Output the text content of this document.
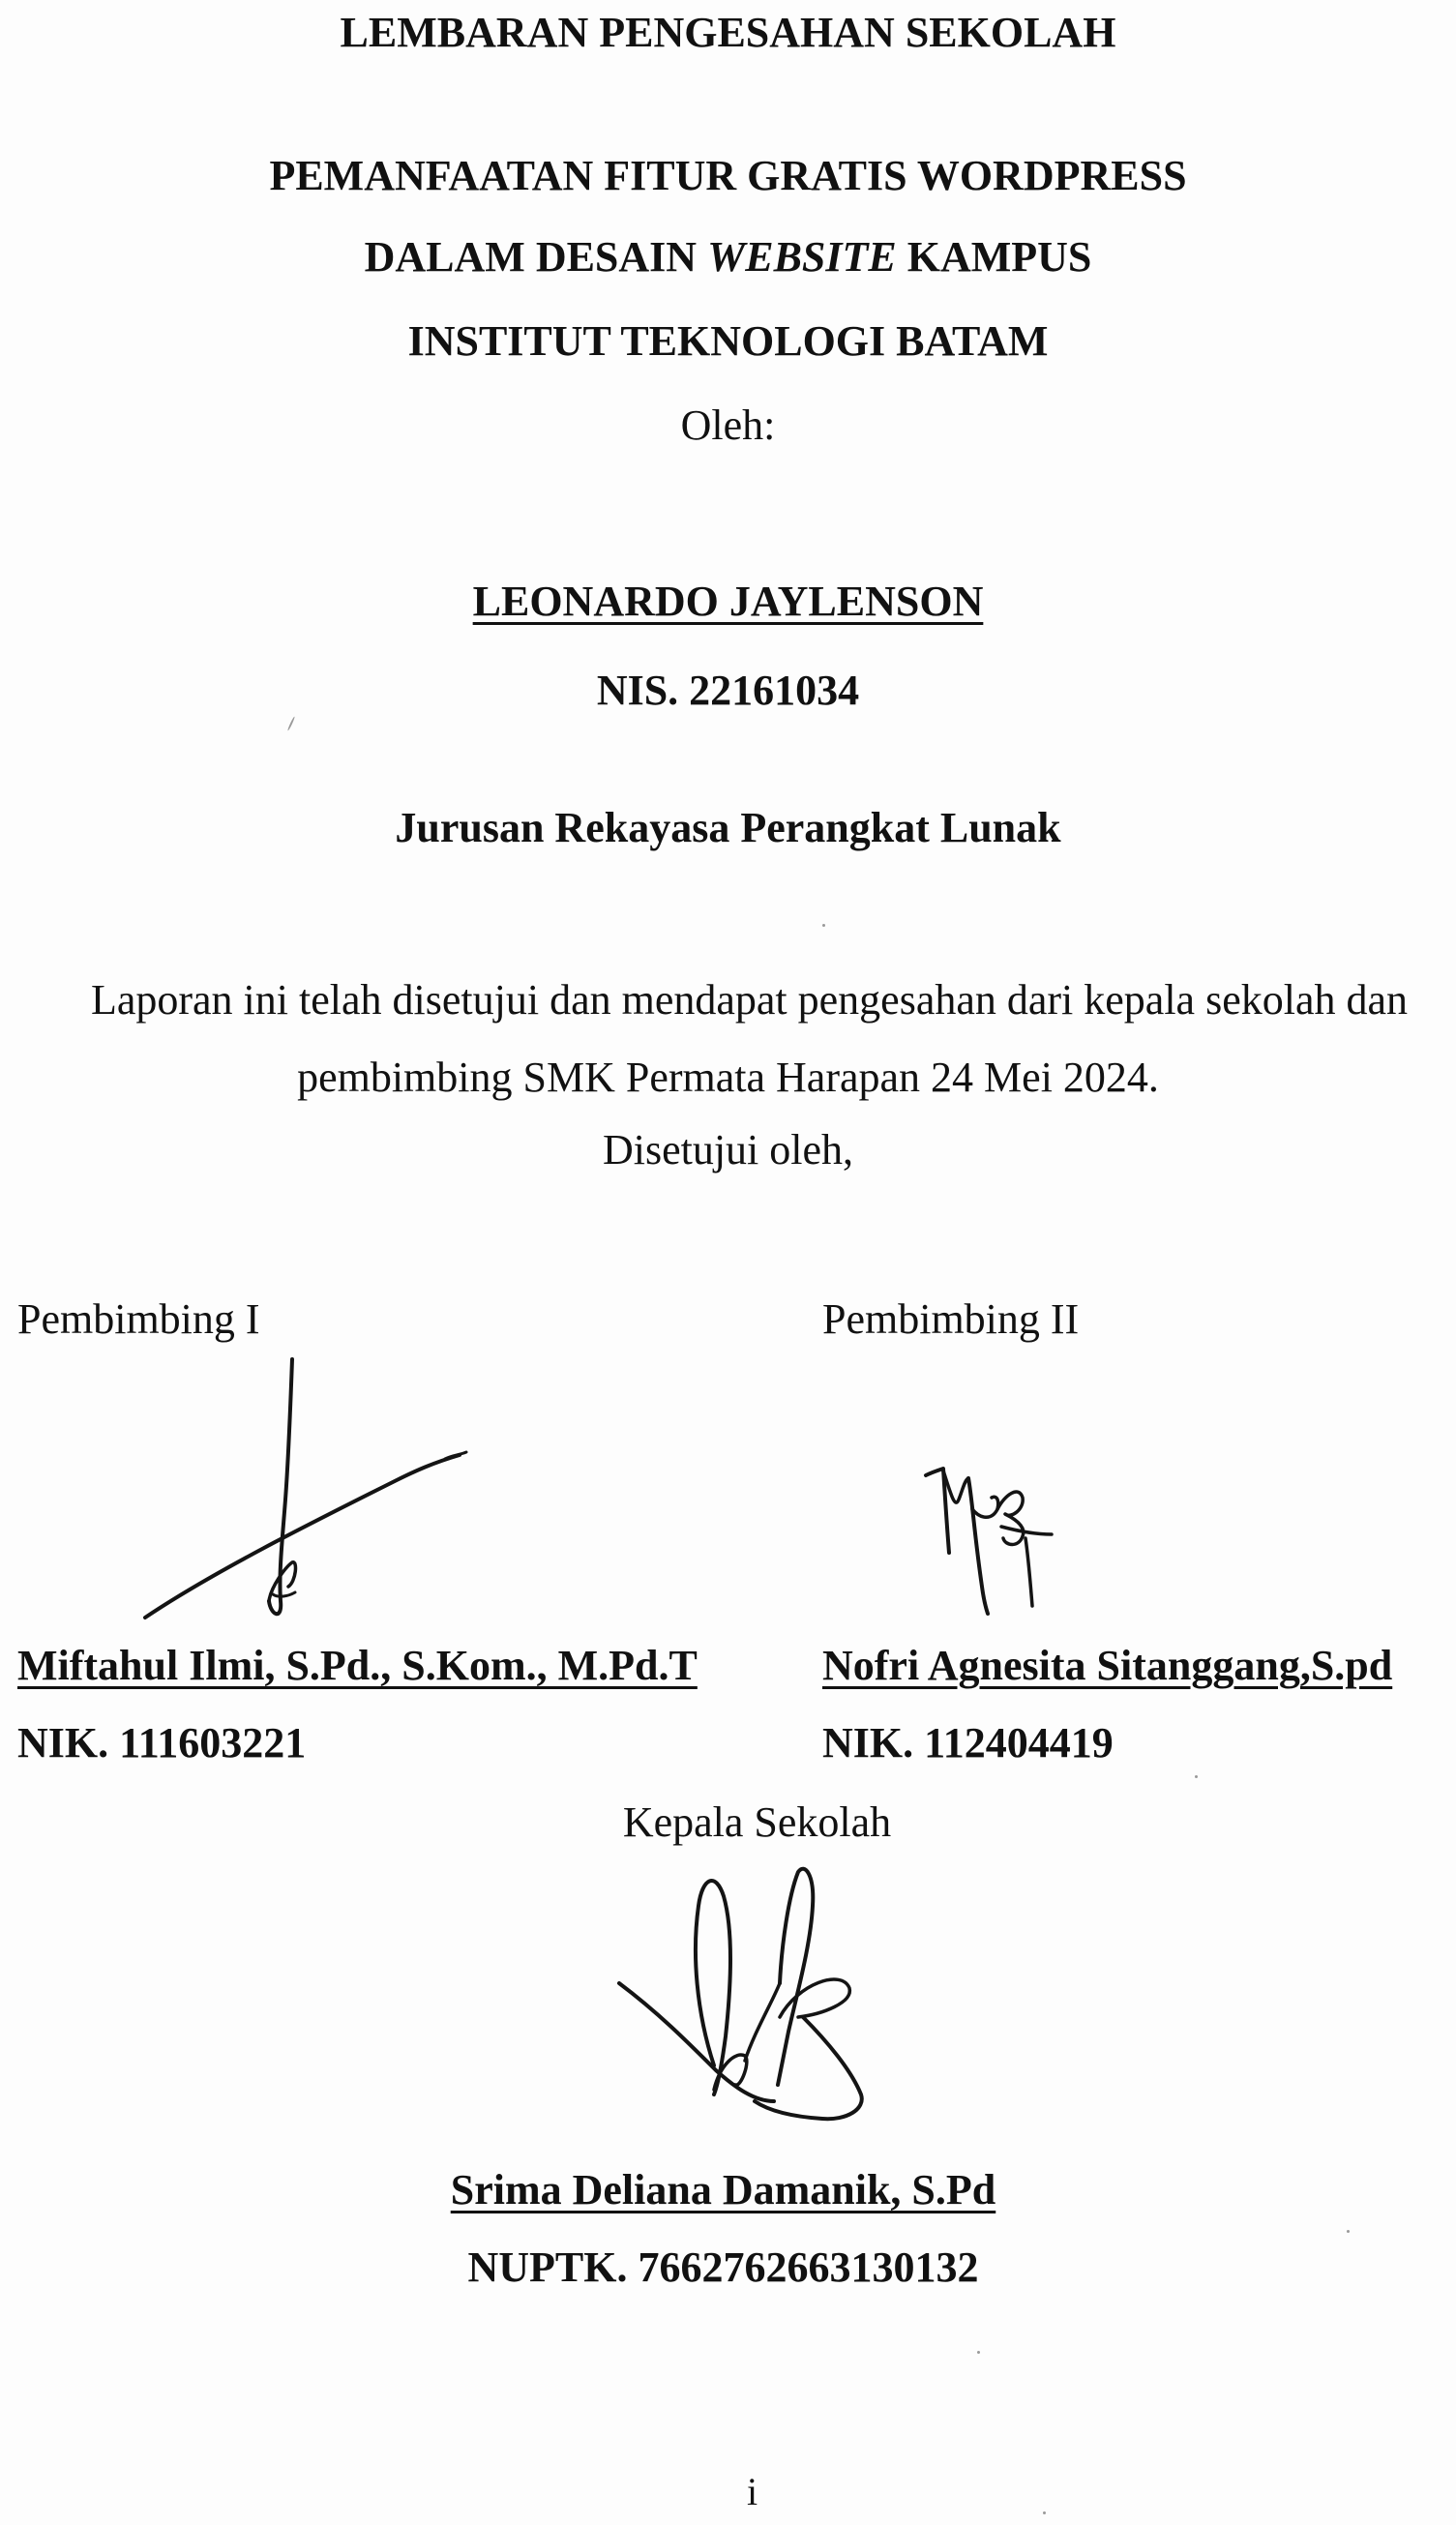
LEMBARAN PENGESAHAN SEKOLAH
PEMANFAATAN FITUR GRATIS WORDPRESS
DALAM DESAIN WEBSITE KAMPUS
INSTITUT TEKNOLOGI BATAM
Oleh:
LEONARDO JAYLENSON
NIS. 22161034
Jurusan Rekayasa Perangkat Lunak
Laporan ini telah disetujui dan mendapat pengesahan dari kepala sekolah dan
pembimbing SMK Permata Harapan 24 Mei 2024.
Disetujui oleh,
Pembimbing I
Miftahul Ilmi, S.Pd., S.Kom., M.Pd.T
NIK. 111603221
Pembimbing II
Nofri Agnesita Sitanggang,S.pd
NIK. 112404419
Kepala Sekolah
Srima Deliana Damanik, S.Pd
NUPTK. 7662762663130132
i
